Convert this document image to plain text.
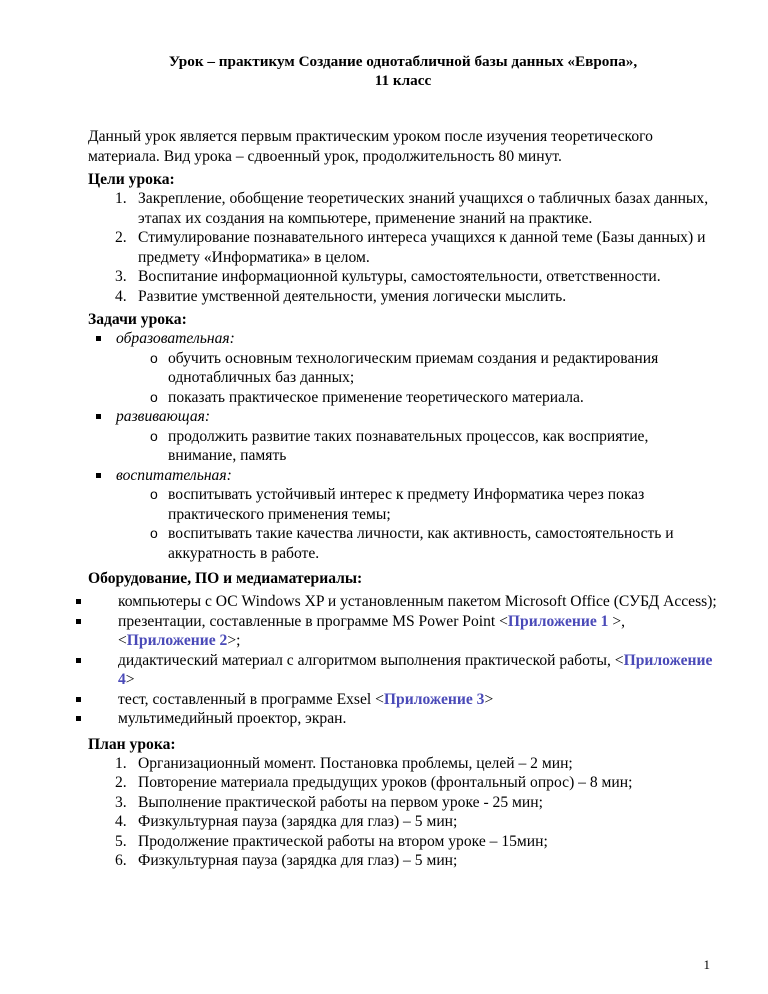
Урок – практикум Создание однотабличной базы данных «Европа»,
11 класс

Данный урок является первым практическим уроком после изучения теоретического материала. Вид урока – сдвоенный урок, продолжительность 80 минут.

Цели урока:

1. Закрепление, обобщение теоретических знаний учащихся о табличных базах данных, этапах их создания на компьютере, применение знаний на практике.
2. Стимулирование познавательного интереса учащихся к данной теме (Базы данных) и предмету «Информатика» в целом.
3. Воспитание информационной культуры, самостоятельности, ответственности.
4. Развитие умственной деятельности, умения логически мыслить.

Задачи урока:

образовательная:
o обучить основным технологическим приемам создания и редактирования однотабличных баз данных;
o показать практическое применение теоретического материала.
развивающая:
o продолжить развитие таких познавательных процессов, как восприятие, внимание, память
воспитательная:
o воспитывать устойчивый интерес к предмету Информатика через показ практического применения темы;
o воспитывать такие качества личности, как активность, самостоятельность и аккуратность в работе.

Оборудование, ПО и медиаматериалы:

компьютеры с ОС Windows XP и установленным пакетом Microsoft Office (СУБД Access);
презентации, составленные в программе MS Power Point <Приложение 1 >, <Приложение 2>;
дидактический материал с алгоритмом выполнения практической работы, <Приложение 4>
тест, составленный в программе Exsel <Приложение 3>
мультимедийный проектор, экран.

План урока:

1. Организационный момент. Постановка проблемы, целей – 2 мин;
2. Повторение материала предыдущих уроков (фронтальный опрос) – 8 мин;
3. Выполнение практической работы на первом уроке - 25 мин;
4. Физкультурная пауза (зарядка для глаз) – 5 мин;
5. Продолжение практической работы на втором уроке – 15мин;
6. Физкультурная пауза (зарядка для глаз) – 5 мин;
1
